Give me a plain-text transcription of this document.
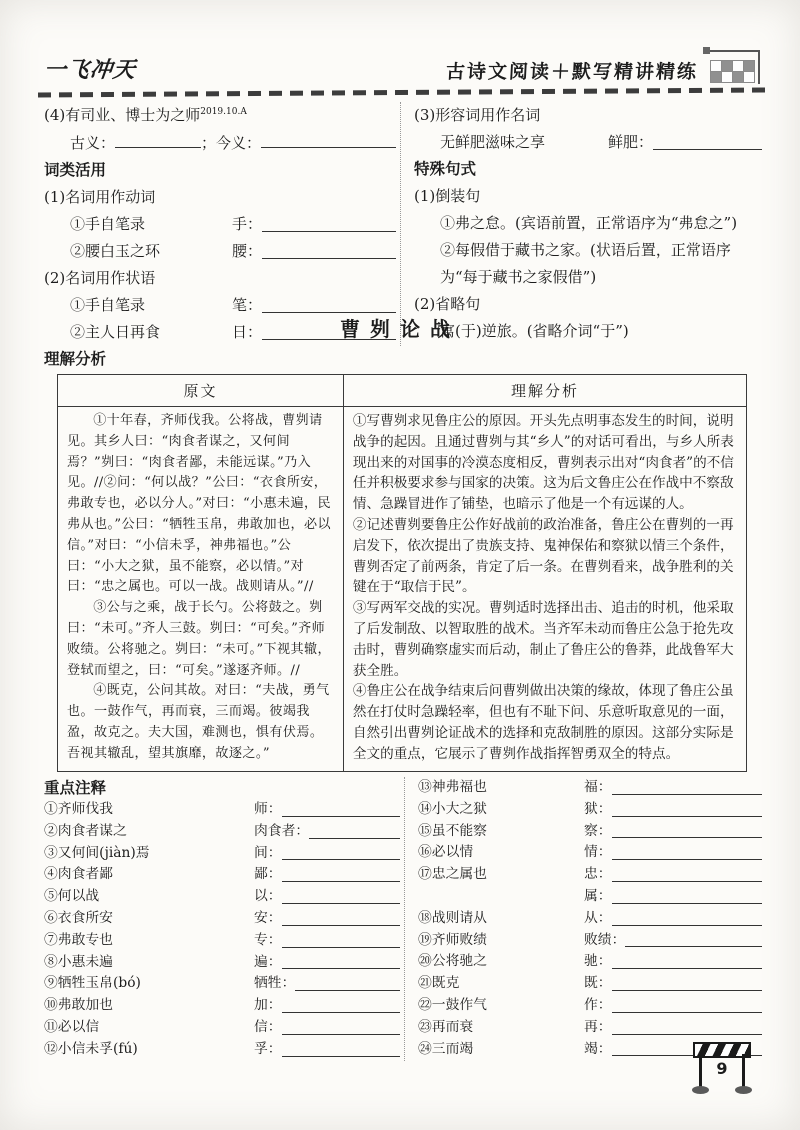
一飞冲天	古诗文阅读＋默写精讲精练
(4)有司业、博士为之师$^{2019.10.A}$
古义：	；今义：
词类活用
(1)名词用作动词
①手自笔录	手：
②腰白玉之环	腰：
(2)名词用作状语
①手自笔录	笔：
②主人日再食	日：
(3)形容词用作名词
无鲜肥滋味之享	鲜肥：
特殊句式
(1)倒装句
①弗之怠。(宾语前置，正常语序为“弗怠之”)
②每假借于藏书之家。(状语后置，正常语序为“每于藏书之家假借”)
(2)省略句
寓(于)逆旅。(省略介词“于”)
曹刿论战
理解分析
原文	理解分析

①十年春，齐师伐我。公将战，曹刿请见。其乡人曰：“肉食者谋之，又何间焉？”刿曰：“肉食者鄙，未能远谋。”乃入见。//②问：“何以战？”公曰：“衣食所安，弗敢专也，必以分人。”对曰：“小惠未遍，民弗从也。”公曰：“牺牲玉帛，弗敢加也，必以信。”对曰：“小信未孚，神弗福也。”公曰：“小大之狱，虽不能察，必以情。”对曰：“忠之属也。可以一战。战则请从。”//

③公与之乘，战于长勺。公将鼓之。刿曰：“未可。”齐人三鼓。刿曰：“可矣。”齐师败绩。公将驰之。刿曰：“未可。”下视其辙，登轼而望之，曰：“可矣。”遂逐齐师。//

④既克，公问其故。对曰：“夫战，勇气也。一鼓作气，再而衰，三而竭。彼竭我盈，故克之。夫大国，难测也，惧有伏焉。吾视其辙乱，望其旗靡，故逐之。”

①写曹刿求见鲁庄公的原因。开头先点明事态发生的时间，说明战争的起因。且通过曹刿与其“乡人”的对话可看出，与乡人所表现出来的对国事的冷漠态度相反，曹刿表示出对“肉食者”的不信任并积极要求参与国家的决策。这为后文鲁庄公在作战中不察敌情、急躁冒进作了铺垫，也暗示了他是一个有远谋的人。

②记述曹刿要鲁庄公作好战前的政治准备，鲁庄公在曹刿的一再启发下，依次提出了贵族支持、鬼神保佑和察狱以情三个条件，曹刿否定了前两条，肯定了后一条。在曹刿看来，战争胜利的关键在于“取信于民”。

③写两军交战的实况。曹刿适时选择出击、追击的时机，他采取了后发制敌、以智取胜的战术。当齐军未动而鲁庄公急于抢先攻击时，曹刿确察虚实而后动，制止了鲁庄公的鲁莽，此战鲁军大获全胜。

④鲁庄公在战争结束后问曹刿做出决策的缘故，体现了鲁庄公虽然在打仗时急躁轻率，但也有不耻下问、乐意听取意见的一面，自然引出曹刿论证战术的选择和克敌制胜的原因。这部分实际是全文的重点，它展示了曹刿作战指挥智勇双全的特点。

重点注释
①齐师伐我	师：
②肉食者谋之	肉食者：
③又何间(jiàn)焉	间：
④肉食者鄙	鄙：
⑤何以战	以：
⑥衣食所安	安：
⑦弗敢专也	专：
⑧小惠未遍	遍：
⑨牺牲玉帛(bó)	牺牲：
⑩弗敢加也	加：
⑪必以信	信：
⑫小信未孚(fú)	孚：
⑬神弗福也	福：
⑭小大之狱	狱：
⑮虽不能察	察：
⑯必以情	情：
⑰忠之属也	忠：
属：
⑱战则请从	从：
⑲齐师败绩	败绩：
⑳公将驰之	驰：
㉑既克	既：
㉒一鼓作气	作：
㉓再而衰	再：
㉔三而竭	竭：
9
